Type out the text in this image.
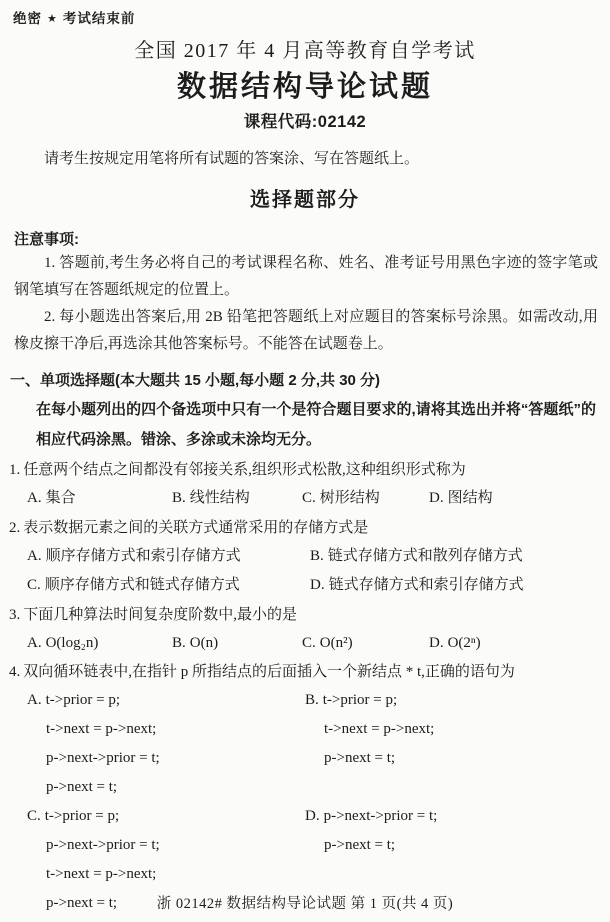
绝密 ★ 考试结束前
全国 2017 年 4 月高等教育自学考试
数据结构导论试题
课程代码:02142
请考生按规定用笔将所有试题的答案涂、写在答题纸上。
选择题部分
注意事项:
1. 答题前,考生务必将自己的考试课程名称、姓名、准考证号用黑色字迹的签字笔或钢笔填写在答题纸规定的位置上。
2. 每小题选出答案后,用 2B 铅笔把答题纸上对应题目的答案标号涂黑。如需改动,用橡皮擦干净后,再选涂其他答案标号。不能答在试题卷上。
一、单项选择题(本大题共 15 小题,每小题 2 分,共 30 分)
在每小题列出的四个备选项中只有一个是符合题目要求的,请将其选出并将“答题纸”的相应代码涂黑。错涂、多涂或未涂均无分。
1. 任意两个结点之间都没有邻接关系,组织形式松散,这种组织形式称为
A. 集合	B. 线性结构	C. 树形结构	D. 图结构
2. 表示数据元素之间的关联方式通常采用的存储方式是
A. 顺序存储方式和索引存储方式	B. 链式存储方式和散列存储方式
C. 顺序存储方式和链式存储方式	D. 链式存储方式和索引存储方式
3. 下面几种算法时间复杂度阶数中,最小的是
A. O(log₂n)	B. O(n)	C. O(n²)	D. O(2ⁿ)
4. 双向循环链表中,在指针 p 所指结点的后面插入一个新结点 * t,正确的语句为
A. t->prior = p;
t->next = p->next;
p->next->prior = t;
p->next = t;
B. t->prior = p;
t->next = p->next;
p->next = t;
C. t->prior = p;
p->next->prior = t;
t->next = p->next;
p->next = t;
D. p->next->prior = t;
p->next = t;
浙 02142# 数据结构导论试题 第 1 页(共 4 页)
